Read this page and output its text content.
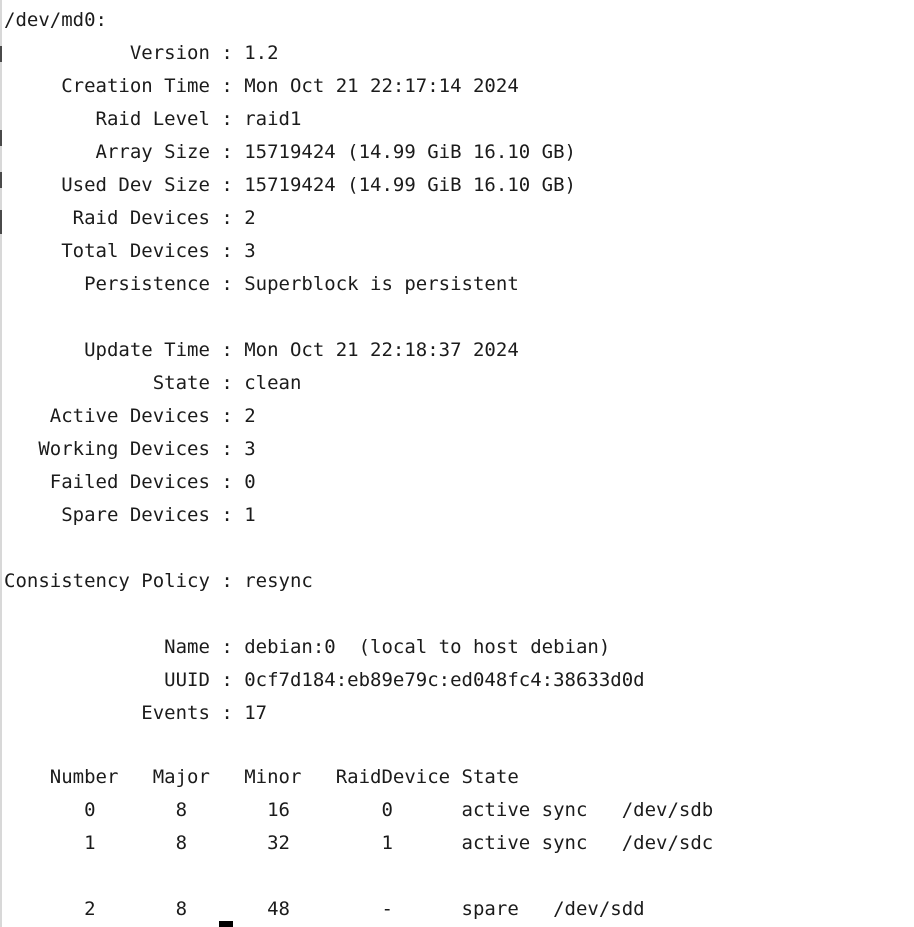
/dev/md0:
Version : 1.2
Creation Time : Mon Oct 21 22:17:14 2024
Raid Level : raid1
Array Size : 15719424 (14.99 GiB 16.10 GB)
Used Dev Size : 15719424 (14.99 GiB 16.10 GB)
Raid Devices : 2
Total Devices : 3
Persistence : Superblock is persistent
Update Time : Mon Oct 21 22:18:37 2024
State : clean
Active Devices : 2
Working Devices : 3
Failed Devices : 0
Spare Devices : 1
Consistency Policy : resync
Name : debian:0  (local to host debian)
UUID : 0cf7d184:eb89e79c:ed048fc4:38633d0d
Events : 17
Number   Major   Minor   RaidDevice State
0       8       16        0      active sync   /dev/sdb
1       8       32        1      active sync   /dev/sdc
2       8       48        -      spare   /dev/sdd
